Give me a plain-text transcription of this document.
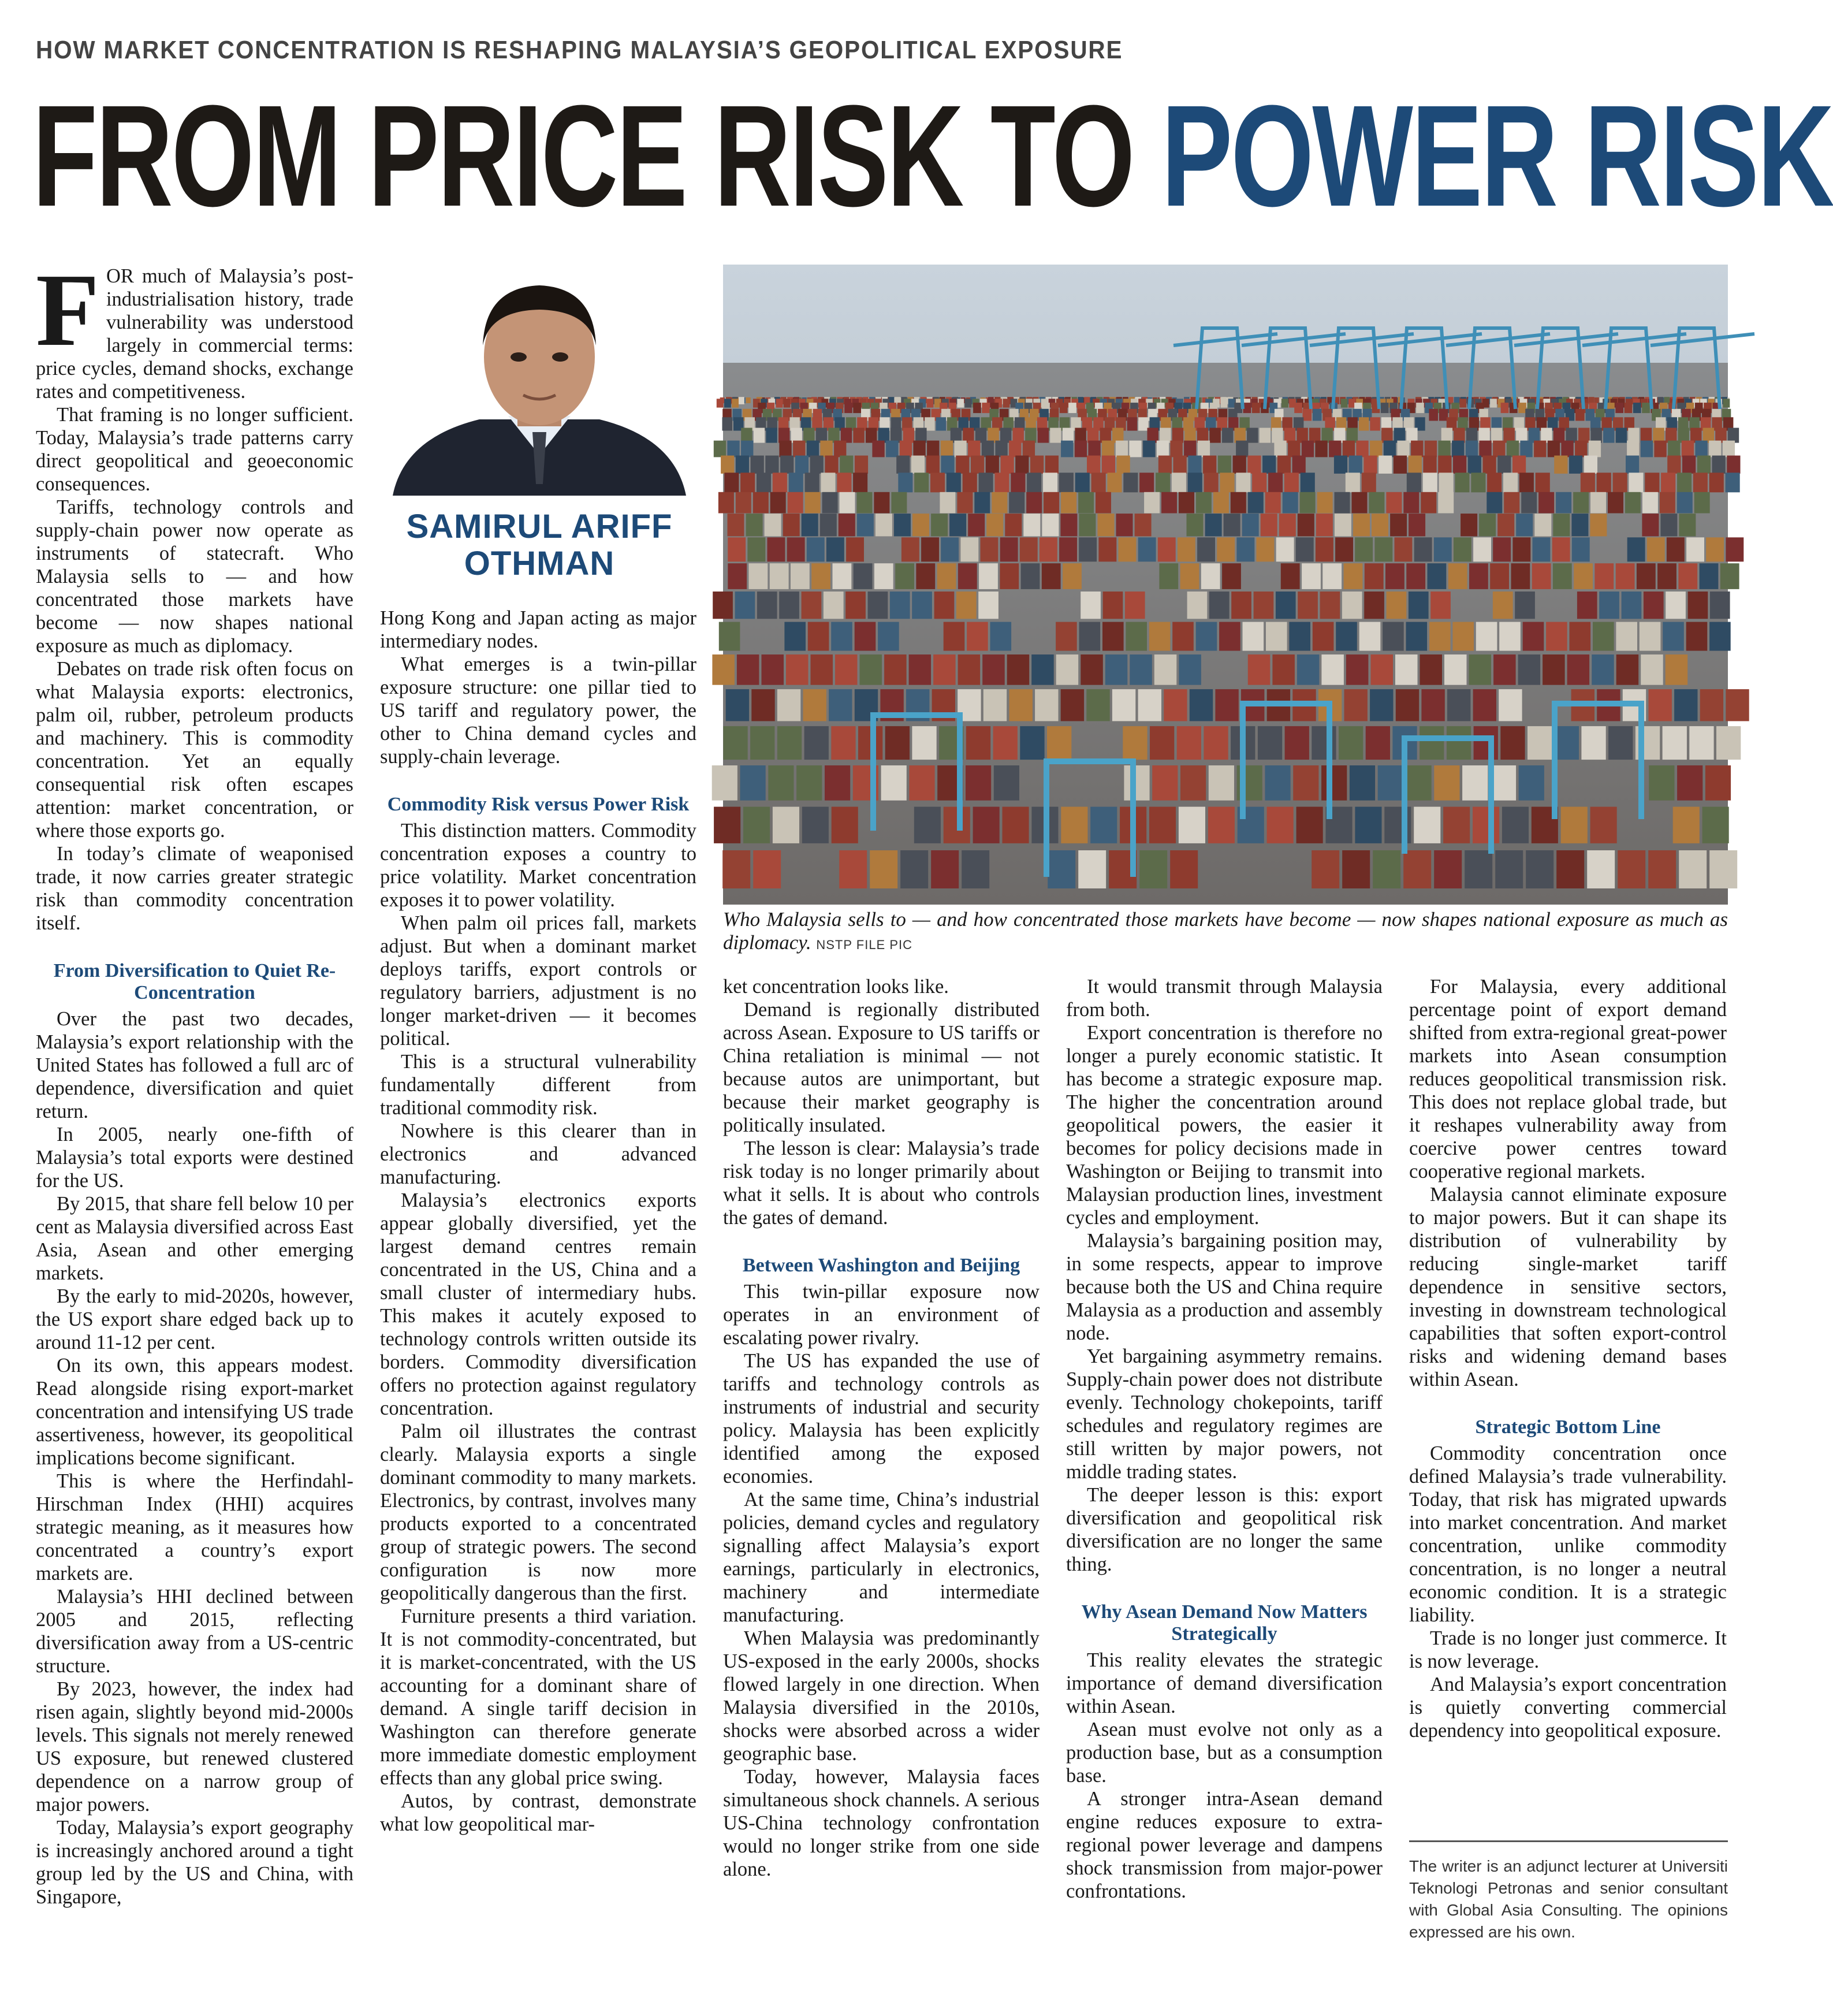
HOW MARKET CONCENTRATION IS RESHAPING MALAYSIA’S GEOPOLITICAL EXPOSURE
FROM PRICE RISK TO POWER RISK

FOR much of Malaysia’s post-industrialisation history, trade vulnerability was understood largely in commercial terms: price cycles, demand shocks, exchange rates and competitiveness.

That framing is no longer sufficient. Today, Malaysia’s trade patterns carry direct geopolitical and geoeconomic consequences.

Tariffs, technology controls and supply-chain power now operate as instruments of statecraft. Who Malaysia sells to — and how concentrated those markets have become — now shapes national exposure as much as diplomacy.

Debates on trade risk often focus on what Malaysia exports: electronics, palm oil, rubber, petroleum products and machinery. This is commodity concentration. Yet an equally consequential risk often escapes attention: market concentration, or where those exports go.

In today’s climate of weaponised trade, it now carries greater strategic risk than commodity concentration itself.

From Diversification to Quiet Re-Concentration

Over the past two decades, Malaysia’s export relationship with the United States has followed a full arc of dependence, diversification and quiet return.

In 2005, nearly one-fifth of Malaysia’s total exports were destined for the US.

By 2015, that share fell below 10 per cent as Malaysia diversified across East Asia, Asean and other emerging markets.

By the early to mid-2020s, however, the US export share edged back up to around 11-12 per cent.

On its own, this appears modest. Read alongside rising export-market concentration and intensifying US trade assertiveness, however, its geopolitical implications become significant.

This is where the Herfindahl-Hirschman Index (HHI) acquires strategic meaning, as it measures how concentrated a country’s export markets are.

Malaysia’s HHI declined between 2005 and 2015, reflecting diversification away from a US-centric structure.

By 2023, however, the index had risen again, slightly beyond mid-2000s levels. This signals not merely renewed US exposure, but renewed clustered dependence on a narrow group of major powers.

Today, Malaysia’s export geography is increasingly anchored around a tight group led by the US and China, with Singapore,

SAMIRUL ARIFF
OTHMAN

Hong Kong and Japan acting as major intermediary nodes.

What emerges is a twin-pillar exposure structure: one pillar tied to US tariff and regulatory power, the other to China demand cycles and supply-chain leverage.

Commodity Risk versus Power Risk

This distinction matters. Commodity concentration exposes a country to price volatility. Market concentration exposes it to power volatility.

When palm oil prices fall, markets adjust. But when a dominant market deploys tariffs, export controls or regulatory barriers, adjustment is no longer market-driven — it becomes political.

This is a structural vulnerability fundamentally different from traditional commodity risk.

Nowhere is this clearer than in electronics and advanced manufacturing.

Malaysia’s electronics exports appear globally diversified, yet the largest demand centres remain concentrated in the US, China and a small cluster of intermediary hubs. This makes it acutely exposed to technology controls written outside its borders. Commodity diversification offers no protection against regulatory concentration.

Palm oil illustrates the contrast clearly. Malaysia exports a single dominant commodity to many markets. Electronics, by contrast, involves many products exported to a concentrated group of strategic powers. The second configuration is now more geopolitically dangerous than the first.

Furniture presents a third variation. It is not commodity-concentrated, but it is market-concentrated, with the US accounting for a dominant share of demand. A single tariff decision in Washington can therefore generate more immediate domestic employment effects than any global price swing.

Autos, by contrast, demonstrate what low geopolitical mar-

Who Malaysia sells to — and how concentrated those markets have become — now shapes national exposure as much as diplomacy. NSTP FILE PIC

ket concentration looks like.

Demand is regionally distributed across Asean. Exposure to US tariffs or China retaliation is minimal — not because autos are unimportant, but because their market geography is politically insulated.

The lesson is clear: Malaysia’s trade risk today is no longer primarily about what it sells. It is about who controls the gates of demand.

Between Washington and Beijing

This twin-pillar exposure now operates in an environment of escalating power rivalry.

The US has expanded the use of tariffs and technology controls as instruments of industrial and security policy. Malaysia has been explicitly identified among the exposed economies.

At the same time, China’s industrial policies, demand cycles and regulatory signalling affect Malaysia’s export earnings, particularly in electronics, machinery and intermediate manufacturing.

When Malaysia was predominantly US-exposed in the early 2000s, shocks flowed largely in one direction. When Malaysia diversified in the 2010s, shocks were absorbed across a wider geographic base.

Today, however, Malaysia faces simultaneous shock channels. A serious US-China technology confrontation would no longer strike from one side alone.

It would transmit through Malaysia from both.

Export concentration is therefore no longer a purely economic statistic. It has become a strategic exposure map. The higher the concentration around geopolitical powers, the easier it becomes for policy decisions made in Washington or Beijing to transmit into Malaysian production lines, investment cycles and employment.

Malaysia’s bargaining position may, in some respects, appear to improve because both the US and China require Malaysia as a production and assembly node.

Yet bargaining asymmetry remains. Supply-chain power does not distribute evenly. Technology chokepoints, tariff schedules and regulatory regimes are still written by major powers, not middle trading states.

The deeper lesson is this: export diversification and geopolitical risk diversification are no longer the same thing.

Why Asean Demand Now Matters Strategically

This reality elevates the strategic importance of demand diversification within Asean.

Asean must evolve not only as a production base, but as a consumption base.

A stronger intra-Asean demand engine reduces exposure to extra-regional power leverage and dampens shock transmission from major-power confrontations.

For Malaysia, every additional percentage point of export demand shifted from extra-regional great-power markets into Asean consumption reduces geopolitical transmission risk. This does not replace global trade, but it reshapes vulnerability away from coercive power centres toward cooperative regional markets.

Malaysia cannot eliminate exposure to major powers. But it can shape its distribution of vulnerability by reducing single-market tariff dependence in sensitive sectors, investing in downstream technological capabilities that soften export-control risks and widening demand bases within Asean.

Strategic Bottom Line

Commodity concentration once defined Malaysia’s trade vulnerability. Today, that risk has migrated upwards into market concentration. And market concentration, unlike commodity concentration, is no longer a neutral economic condition. It is a strategic liability.

Trade is no longer just commerce. It is now leverage.

And Malaysia’s export concentration is quietly converting commercial dependency into geopolitical exposure.

The writer is an adjunct lecturer at Universiti Teknologi Petronas and senior consultant with Global Asia Consulting. The opinions expressed are his own.
